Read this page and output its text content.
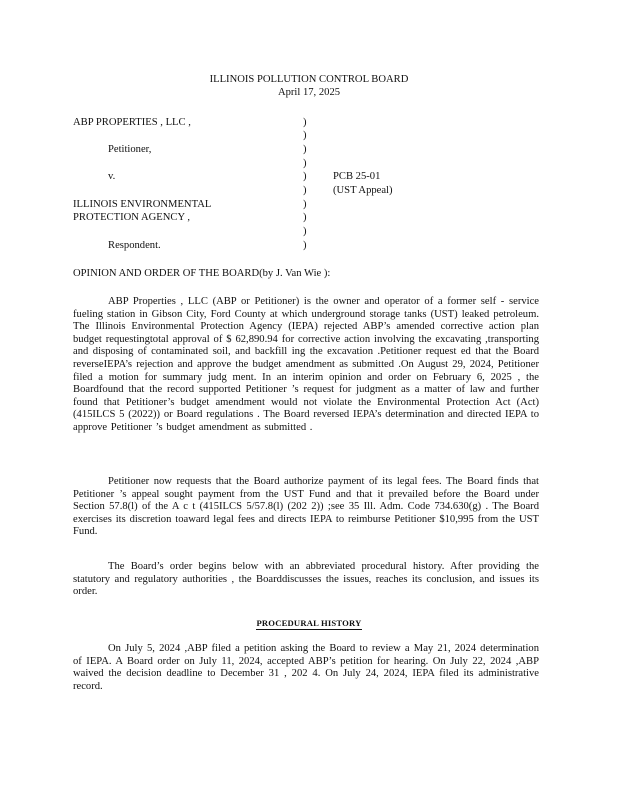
ILLINOIS POLLUTION CONTROL BOARD
April 17, 2025
ABP PROPERTIES , LLC ,
Petitioner,
v.
ILLINOIS ENVIRONMENTAL
PROTECTION AGENCY ,
Respondent.
)
)
)
)
)
)
)
)
)
)
PCB 25-01
(UST Appeal)
OPINION AND ORDER OF THE BOARD(by J. Van Wie ):
ABP Properties , LLC (ABP or Petitioner) is the owner and operator of a former self - service fueling station in Gibson City, Ford County at which underground storage tanks (UST) leaked petroleum. The Illinois Environmental Protection Agency (IEPA) rejected ABP’s amended corrective action plan budget requestingtotal approval of $ 62,890.94 for corrective action involving the excavating ,transporting and disposing of contaminated soil, and backfill ing the excavation .Petitioner request ed that the Board reverseIEPA’s rejection and approve the budget amendment as submitted .On August 29, 2024, Petitioner filed a motion for summary judg ment. In an interim opinion and order on February 6, 2025 , the Boardfound that the record supported Petitioner ’s request for judgment as a matter of law and further found that Petitioner’s budget amendment would not violate the Environmental Protection Act (Act) (415ILCS 5 (2022)) or Board regulations . The Board reversed IEPA’s determination and directed IEPA to approve Petitioner ’s budget amendment as submitted .
Petitioner now requests that the Board authorize payment of its legal fees. The Board finds that Petitioner ’s appeal sought payment from the UST Fund and that it prevailed before the Board under Section 57.8(l) of the A c t (415ILCS 5/57.8(l) (202 2)) ;see 35 Ill. Adm. Code 734.630(g) . The Board exercises its discretion toaward legal fees and directs IEPA to reimburse Petitioner $10,995 from the UST Fund.
The Board’s order begins below with an abbreviated procedural history. After providing the statutory and regulatory authorities , the Boarddiscusses the issues, reaches its conclusion, and issues its order.
PROCEDURAL HISTORY
On July 5, 2024 ,ABP filed a petition asking the Board to review a May 21, 2024 determination of IEPA. A Board order on July 11, 2024, accepted ABP’s petition for hearing. On July 22, 2024 ,ABP waived the decision deadline to December 31 , 202 4. On July 24, 2024, IEPA filed its administrative record.
